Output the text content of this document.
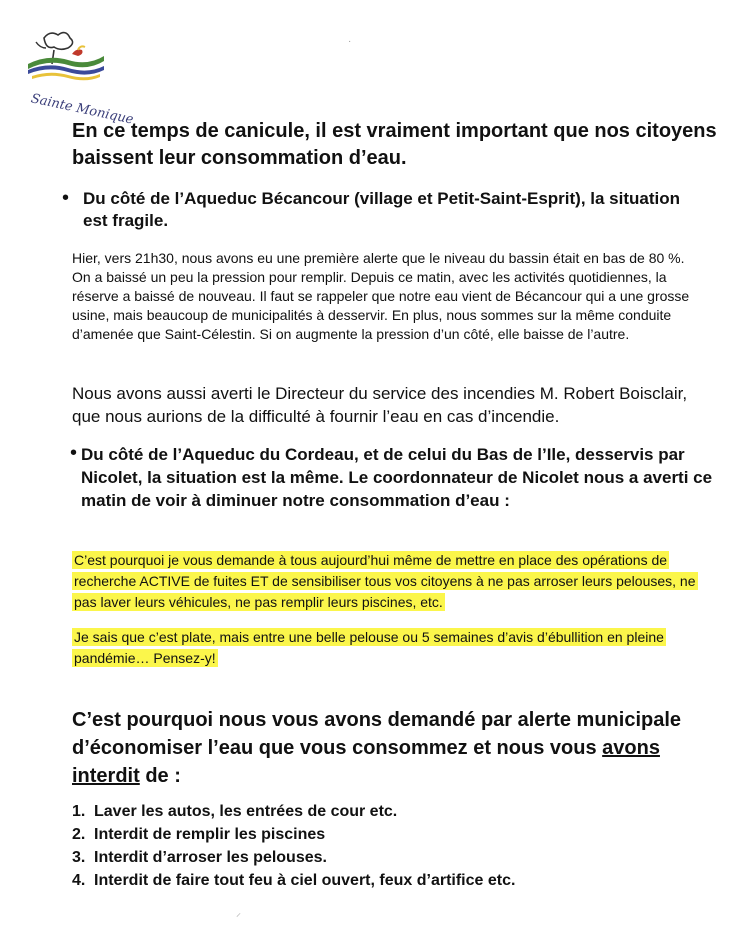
Sainte Monique
En ce temps de canicule, il est vraiment important que nos citoyens baissent leur consommation d’eau.
• Du côté de l’Aqueduc Bécancour (village et Petit-Saint-Esprit), la situation est fragile.
Hier, vers 21h30, nous avons eu une première alerte que le niveau du bassin était en bas de 80 %. On a baissé un peu la pression pour remplir. Depuis ce matin, avec les activités quotidiennes, la réserve a baissé de nouveau. Il faut se rappeler que notre eau vient de Bécancour qui a une grosse usine, mais beaucoup de municipalités à desservir. En plus, nous sommes sur la même conduite d’amenée que Saint-Célestin. Si on augmente la pression d’un côté, elle baisse de l’autre.
Nous avons aussi averti le Directeur du service des incendies M. Robert Boisclair, que nous aurions de la difficulté à fournir l’eau en cas d’incendie.
• Du côté de l’Aqueduc du Cordeau, et de celui du Bas de l’Ile, desservis par Nicolet, la situation est la même. Le coordonnateur de Nicolet nous a averti ce matin de voir à diminuer notre consommation d’eau :
C’est pourquoi je vous demande à tous aujourd’hui même de mettre en place des opérations de recherche ACTIVE de fuites ET de sensibiliser tous vos citoyens à ne pas arroser leurs pelouses, ne pas laver leurs véhicules, ne pas remplir leurs piscines, etc.
Je sais que c’est plate, mais entre une belle pelouse ou 5 semaines d’avis d’ébullition en pleine pandémie… Pensez-y!
C’est pourquoi nous vous avons demandé par alerte municipale d’économiser l’eau que vous consommez et nous vous avons interdit de :
1. Laver les autos, les entrées de cour etc.
2. Interdit de remplir les piscines
3. Interdit d’arroser les pelouses.
4. Interdit de faire tout feu à ciel ouvert, feux d’artifice etc.
·
⸝
